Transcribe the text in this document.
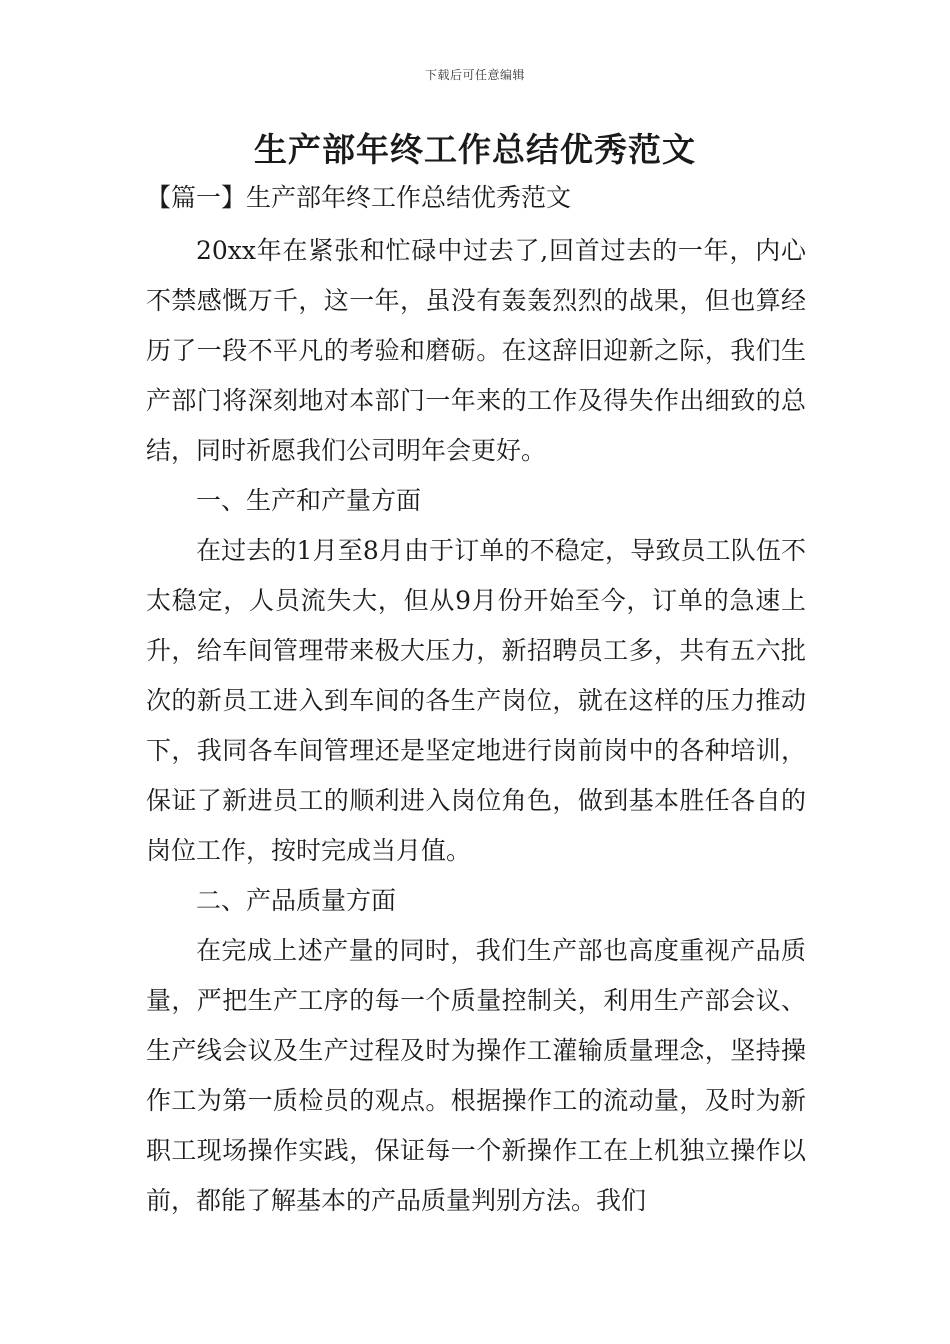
下载后可任意编辑
生产部年终工作总结优秀范文
【篇一】生产部年终工作总结优秀范文

20xx年在紧张和忙碌中过去了,回首过去的一年，内心不禁感慨万千，这一年，虽没有轰轰烈烈的战果，但也算经历了一段不平凡的考验和磨砺。在这辞旧迎新之际，我们生产部门将深刻地对本部门一年来的工作及得失作出细致的总结，同时祈愿我们公司明年会更好。

一、生产和产量方面

在过去的1月至8月由于订单的不稳定，导致员工队伍不太稳定，人员流失大，但从9月份开始至今，订单的急速上升，给车间管理带来极大压力，新招聘员工多，共有五六批次的新员工进入到车间的各生产岗位，就在这样的压力推动下，我同各车间管理还是坚定地进行岗前岗中的各种培训，保证了新进员工的顺利进入岗位角色，做到基本胜任各自的岗位工作，按时完成当月值。

二、产品质量方面

在完成上述产量的同时，我们生产部也高度重视产品质量，严把生产工序的每一个质量控制关，利用生产部会议、生产线会议及生产过程及时为操作工灌输质量理念，坚持操作工为第一质检员的观点。根据操作工的流动量，及时为新职工现场操作实践，保证每一个新操作工在上机独立操作以前，都能了解基本的产品质量判别方法。我们
